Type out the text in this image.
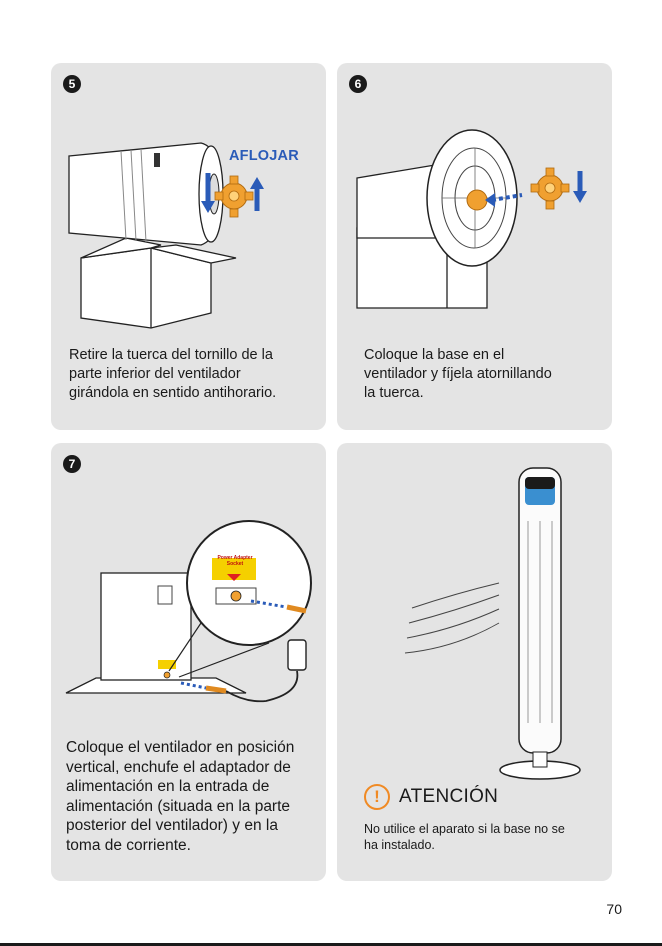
5
AFLOJAR
Retire la tuerca del tornillo de la
parte inferior del ventilador
girándola en sentido antihorario.
Coloque la base en el
ventilador y fíjela atornillando
la tuerca.
7
Power Adapter
Socket
Coloque el ventilador en posición
vertical, enchufe el adaptador de
alimentación en la entrada de
alimentación (situada en la parte
posterior del ventilador) y en la
toma de corriente.
!	ATENCIÓN
No utilice el aparato si la base no se
ha instalado.
6
70
